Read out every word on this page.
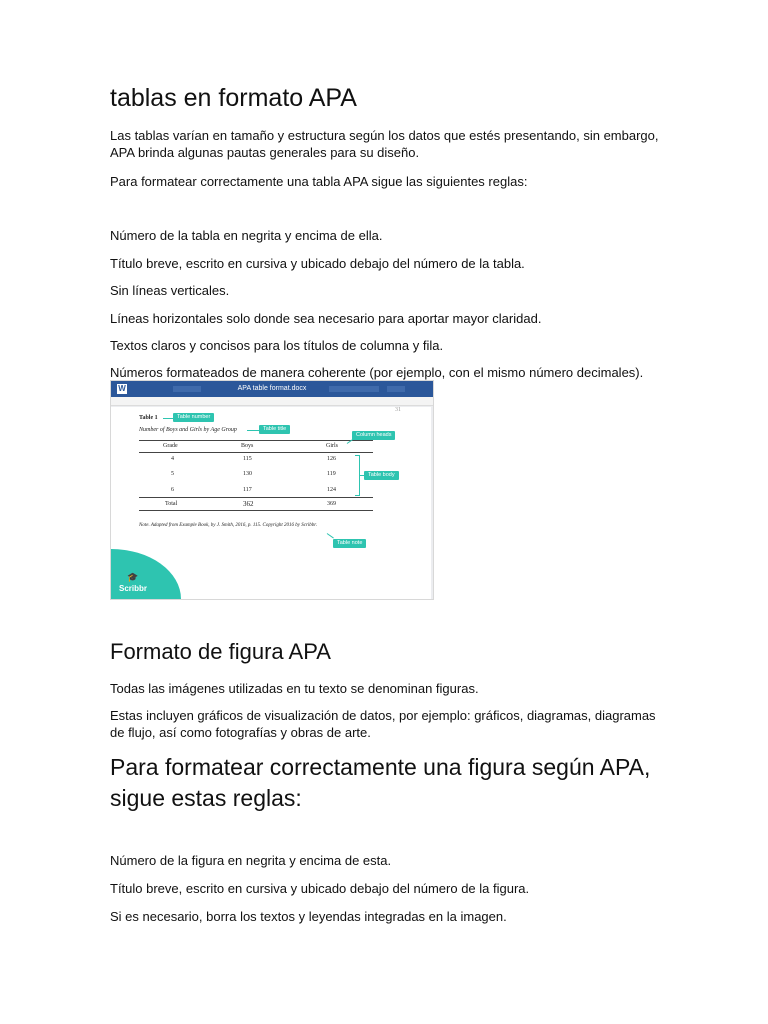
tablas en formato APA

Las tablas varían en tamaño y estructura según los datos que estés presentando, sin embargo, APA brinda algunas pautas generales para su diseño.

Para formatear correctamente una tabla APA sigue las siguientes reglas:

Número de la tabla en negrita y encima de ella.

Título breve, escrito en cursiva y ubicado debajo del número de la tabla.

Sin líneas verticales.

Líneas horizontales solo donde sea necesario para aportar mayor claridad.

Textos claros y concisos para los títulos de columna y fila.

Números formateados de manera coherente (por ejemplo, con el mismo número decimales).

W	APA table format.docx
31
Table 1	Table number
Number of Boys and Girls by Age Group	Table title
Grade	Boys	Girls
Column heads
4	115	126
5	130	119
6	117	124
Table body
Total	362	369
Note. Adapted from Example Book, by J. Smith, 2016, p. 115. Copyright 2016 by Scribbr.
Table note
🎓
Scribbr
Formato de figura APA

Todas las imágenes utilizadas en tu texto se denominan figuras.

Estas incluyen gráficos de visualización de datos, por ejemplo: gráficos, diagramas, diagramas de flujo, así como fotografías y obras de arte.

Para formatear correctamente una figura según APA, sigue estas reglas:

Número de la figura en negrita y encima de esta.

Título breve, escrito en cursiva y ubicado debajo del número de la figura.

Si es necesario, borra los textos y leyendas integradas en la imagen.
